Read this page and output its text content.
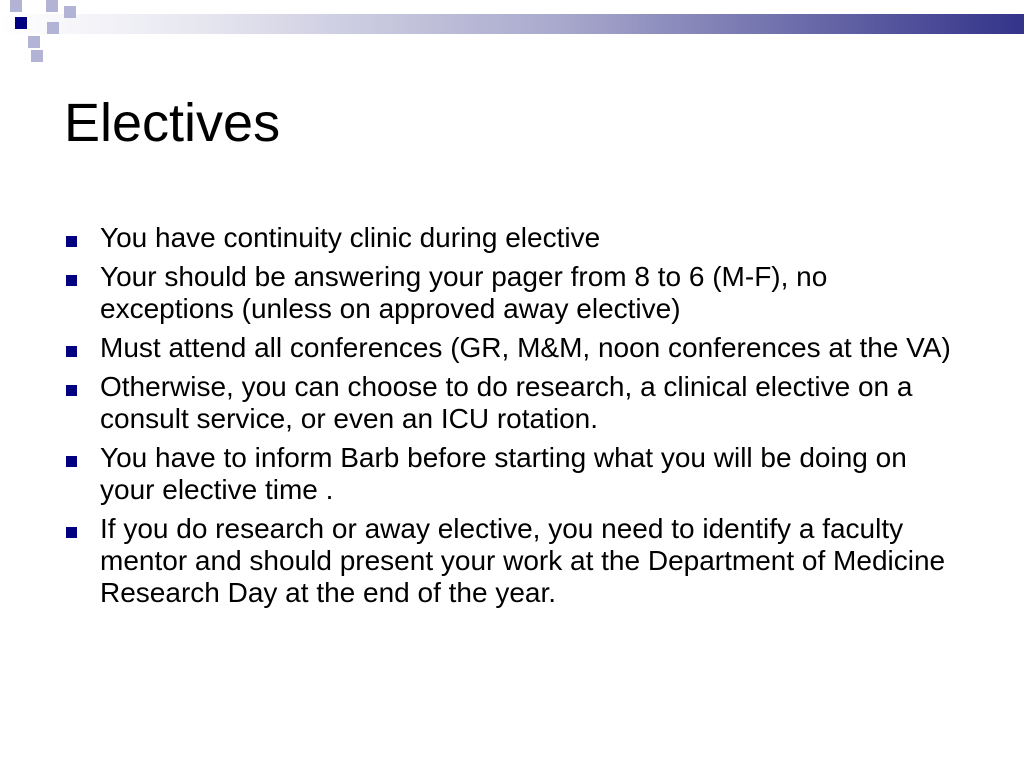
Electives
You have continuity clinic during elective
Your should be answering your pager from 8 to 6 (M-F), no exceptions (unless on approved away elective)
Must attend all conferences (GR, M&M, noon conferences at the VA)
Otherwise, you can choose to do research, a clinical elective on a consult service, or even an ICU rotation.
You have to inform Barb before starting what you will be doing on your elective time .
If you do research or away elective, you need to identify a faculty mentor and should present your work at the Department of Medicine Research Day at the end of the year.
